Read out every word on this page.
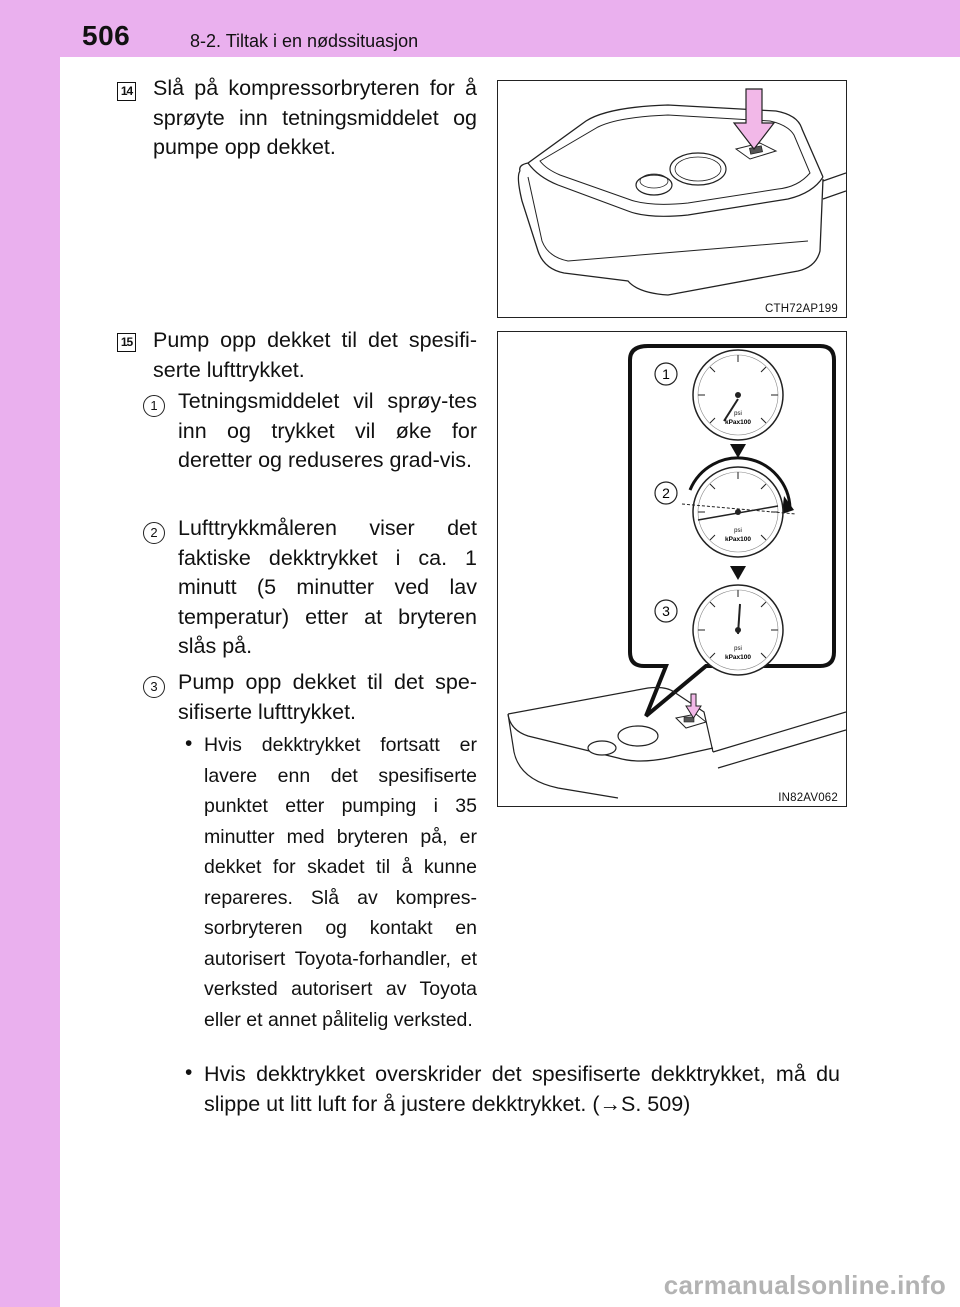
506	8-2. Tiltak i en nødssituasjon
14 Slå på kompressorbryteren for å sprøyte inn tetningsmiddelet og pumpe opp dekket.
CTH72AP199
15 Pump opp dekket til det spesifi-serte lufttrykket.
1 Tetningsmiddelet vil sprøy-tes inn og trykket vil øke for deretter og reduseres grad-vis.
2 Lufttrykkmåleren viser det faktiske dekktrykket i ca. 1 minutt (5 minutter ved lav temperatur) etter at bryteren slås på.
3 Pump opp dekket til det spe-sifiserte lufttrykket.
• Hvis dekktrykket fortsatt er lavere enn det spesifiserte punktet etter pumping i 35 minutter med bryteren på, er dekket for skadet til å kunne repareres. Slå av kompres-sorbryteren og kontakt en autorisert Toyota-forhandler, et verksted autorisert av Toyota eller et annet pålitelig verksted.
• Hvis dekktrykket overskrider det spesifiserte dekktrykket, må du slippe ut litt luft for å justere dekktrykket. (→S. 509)
1
2
3
psi
kPax100
psi
kPax100
psi
kPax100
IN82AV062
carmanualsonline.info
